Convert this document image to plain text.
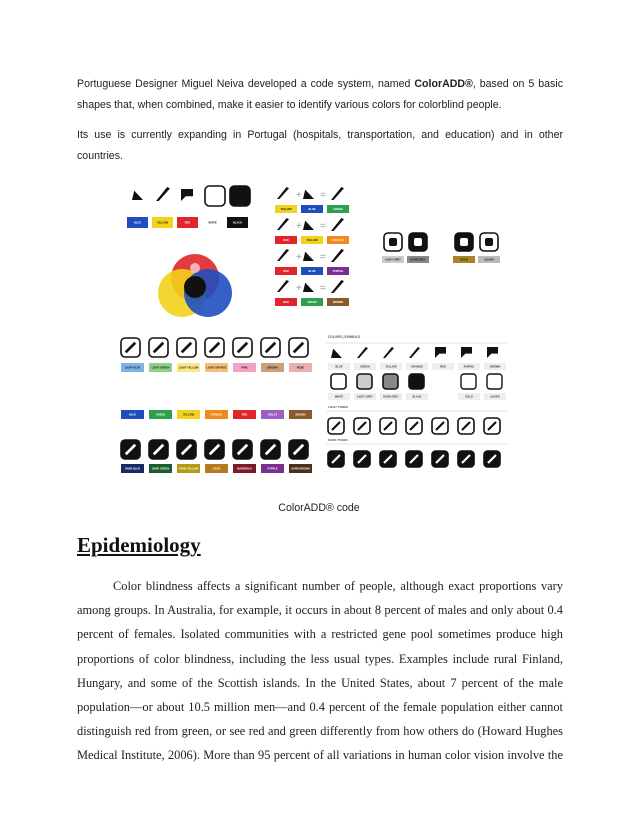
Portuguese Designer Miguel Neiva developed a code system, named ColorADD®, based on 5 basic shapes that, when combined, make it easier to identify various colors for colorblind people.
Its use is currently expanding in Portugal (hospitals, transportation, and education) and in other countries.
BLUE	YELLOW	RED	WHITE	BLACK
+ =
YELLOW	BLUE	GREEN
+ =
RED	YELLOW	ORANGE
+ =
RED	BLUE	PURPLE
+ =
RED	GREEN	BROWN
LIGHT GREY	DARK GREY	GOLD	SILVER
LIGHT BLUE
BLUE
DARK BLUE
LIGHT GREEN
GREEN
DARK GREEN
LIGHT YELLOW
YELLOW
DARK YELLOW
LIGHT ORANGE
ORANGE
OCHE
PINK
RED
BORDEAUX
BROWN
VIOLET
PURPLE
ROSE
BROWN
DARK BROWN
COLORS | SYMBOLS
BLUE	GREEN	YELLOW	ORANGE	RED	PURPLE	BROWN
WHITE	LIGHT GREY	DARK GREY	BLACK	GOLD	SILVER
LIGHT TONES
DARK TONES
ColorADD® code
Epidemiology
Color blindness affects a significant number of people, although exact proportions vary
among groups. In Australia, for example, it occurs in about 8 percent of males and only about 0.4
percent of females. Isolated communities with a restricted gene pool sometimes produce high
proportions of color blindness, including the less usual types. Examples include rural Finland,
Hungary, and some of the Scottish islands. In the United States, about 7 percent of the male
population—or about 10.5 million men—and 0.4 percent of the female population either cannot
distinguish red from green, or see red and green differently from how others do (Howard Hughes
Medical Institute, 2006). More than 95 percent of all variations in human color vision involve the
